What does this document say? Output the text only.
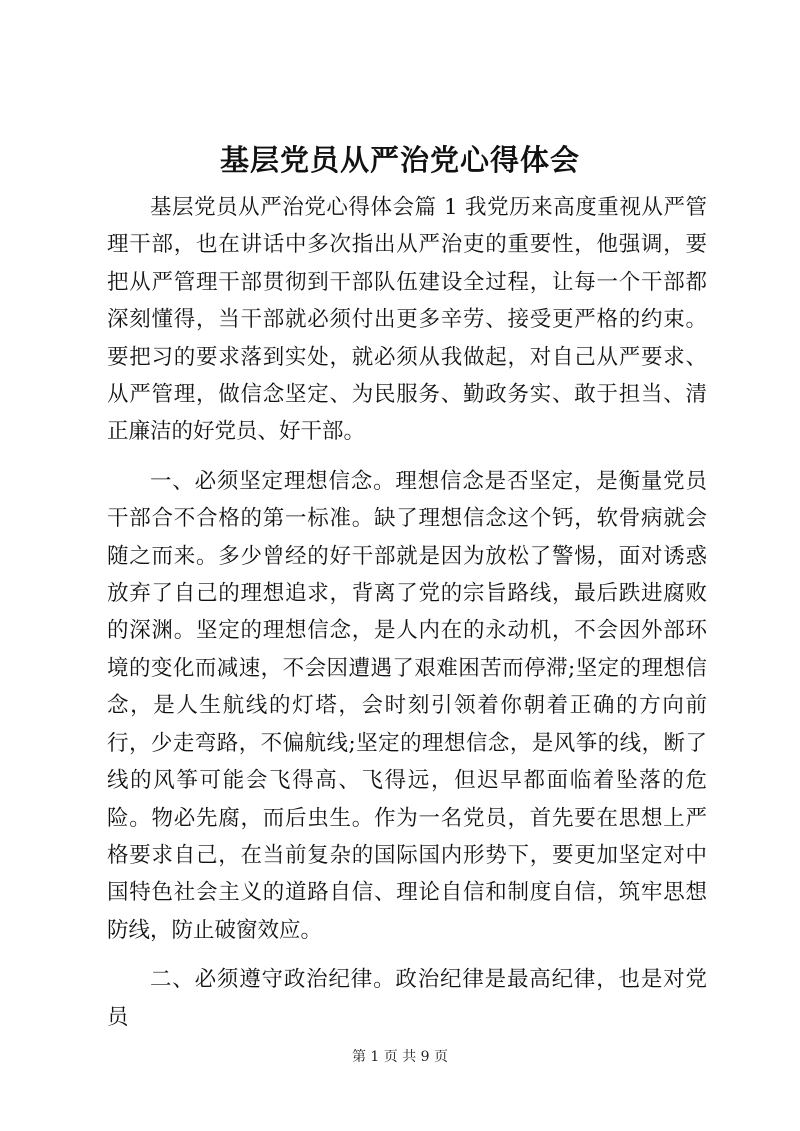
基层党员从严治党心得体会

基层党员从严治党心得体会篇 1 我党历来高度重视从严管理干部，也在讲话中多次指出从严治吏的重要性，他强调，要把从严管理干部贯彻到干部队伍建设全过程，让每一个干部都深刻懂得，当干部就必须付出更多辛劳、接受更严格的约束。要把习的要求落到实处，就必须从我做起，对自己从严要求、从严管理，做信念坚定、为民服务、勤政务实、敢于担当、清正廉洁的好党员、好干部。

一、必须坚定理想信念。理想信念是否坚定，是衡量党员干部合不合格的第一标准。缺了理想信念这个钙，软骨病就会随之而来。多少曾经的好干部就是因为放松了警惕，面对诱惑放弃了自己的理想追求，背离了党的宗旨路线，最后跌进腐败的深渊。坚定的理想信念，是人内在的永动机，不会因外部环境的变化而减速，不会因遭遇了艰难困苦而停滞;坚定的理想信念，是人生航线的灯塔，会时刻引领着你朝着正确的方向前行，少走弯路，不偏航线;坚定的理想信念，是风筝的线，断了线的风筝可能会飞得高、飞得远，但迟早都面临着坠落的危险。物必先腐，而后虫生。作为一名党员，首先要在思想上严格要求自己，在当前复杂的国际国内形势下，要更加坚定对中国特色社会主义的道路自信、理论自信和制度自信，筑牢思想防线，防止破窗效应。

二、必须遵守政治纪律。政治纪律是最高纪律，也是对党员

第 1 页 共 9 页
